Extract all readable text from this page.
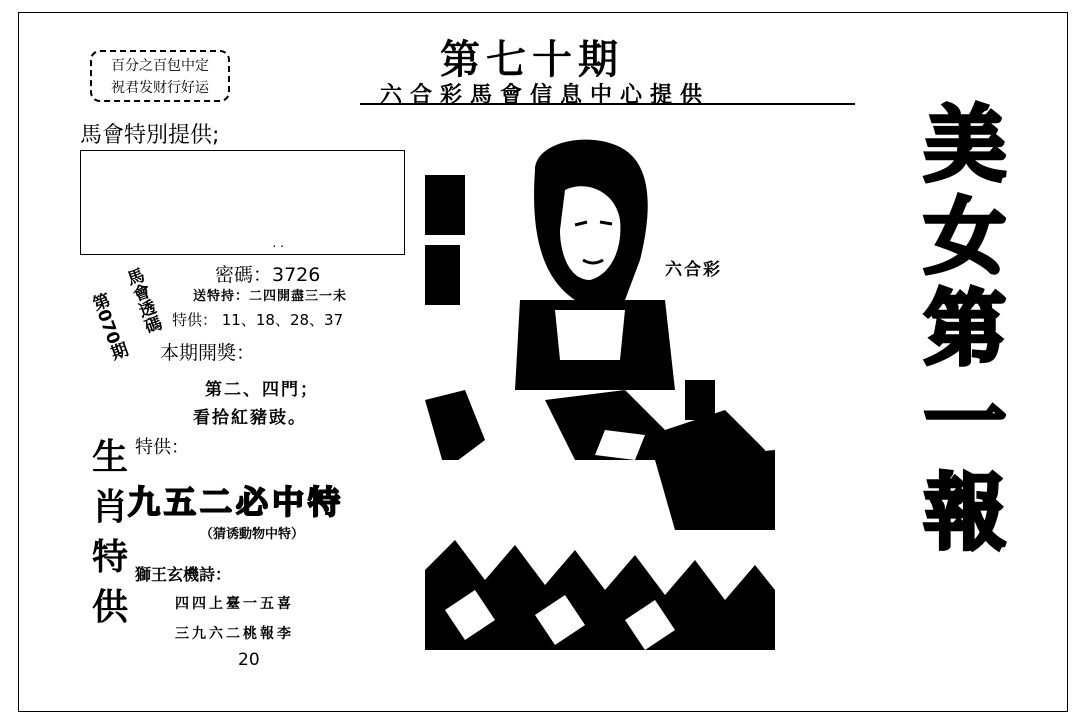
百分之百包中定
祝君发财行好运
第七十期
六合彩馬會信息中心提供
馬會特別提供;
. .
第070期
馬會透碼	密碼：3726
送特持：二四開盡三一未
特供： 11、18、28、37
本期開獎：
第二、四門；
看拾紅豬豉。
生
肖
特
供
特供：
九五二必中特
（猜诱動物中特）
獅王玄機詩：
四四上臺一五喜
三九六二桃報李
20
六合彩
美
女
第
一
報
